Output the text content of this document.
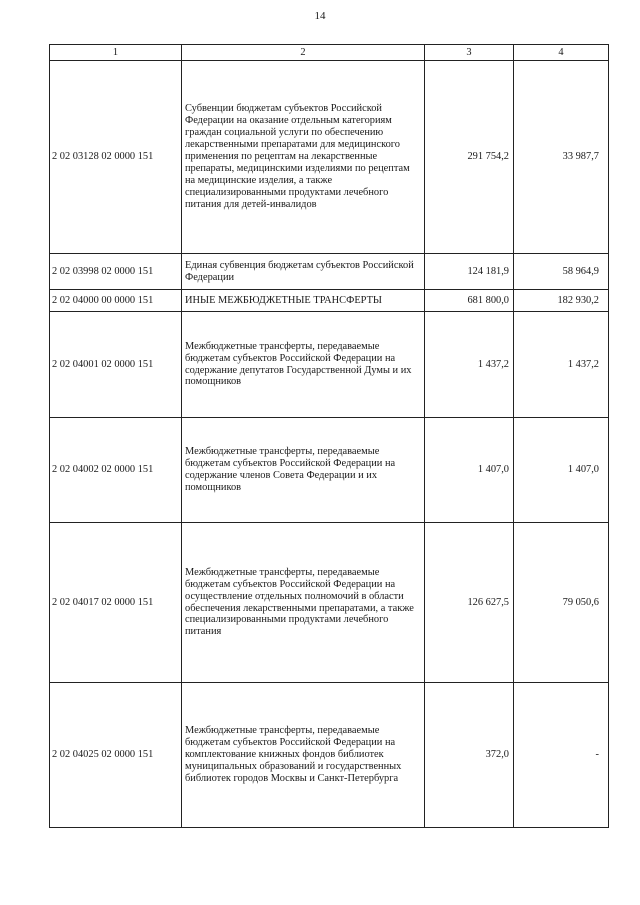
14
1	2	3	4
2 02 03128 02 0000 151	Субвенции бюджетам субъектов Российской Федерации на оказание отдельным категориям граждан социальной услуги по обеспечению лекарственными препаратами для медицинского применения по рецептам на лекарственные препараты, медицинскими изделиями по рецептам на медицинские изделия, а также специализированными продуктами лечебного питания для детей-инвалидов	291 754,2	33 987,7
2 02 03998 02 0000 151	Единая субвенция бюджетам субъектов Российской Федерации	124 181,9	58 964,9
2 02 04000 00 0000 151	ИНЫЕ МЕЖБЮДЖЕТНЫЕ ТРАНСФЕРТЫ	681 800,0	182 930,2
2 02 04001 02 0000 151	Межбюджетные трансферты, передаваемые бюджетам субъектов Российской Федерации на содержание депутатов Государственной Думы и их помощников	1 437,2	1 437,2
2 02 04002 02 0000 151	Межбюджетные трансферты, передаваемые бюджетам субъектов Российской Федерации на содержание членов Совета Федерации и их помощников	1 407,0	1 407,0
2 02 04017 02 0000 151	Межбюджетные трансферты, передаваемые бюджетам субъектов Российской Федерации на осуществление отдельных полномочий в области обеспечения лекарственными препаратами, а также специализированными продуктами лечебного питания	126 627,5	79 050,6
2 02 04025 02 0000 151	Межбюджетные трансферты, передаваемые бюджетам субъектов Российской Федерации на комплектование книжных фондов библиотек муниципальных образований и государственных библиотек городов Москвы и Санкт-Петербурга	372,0	-
